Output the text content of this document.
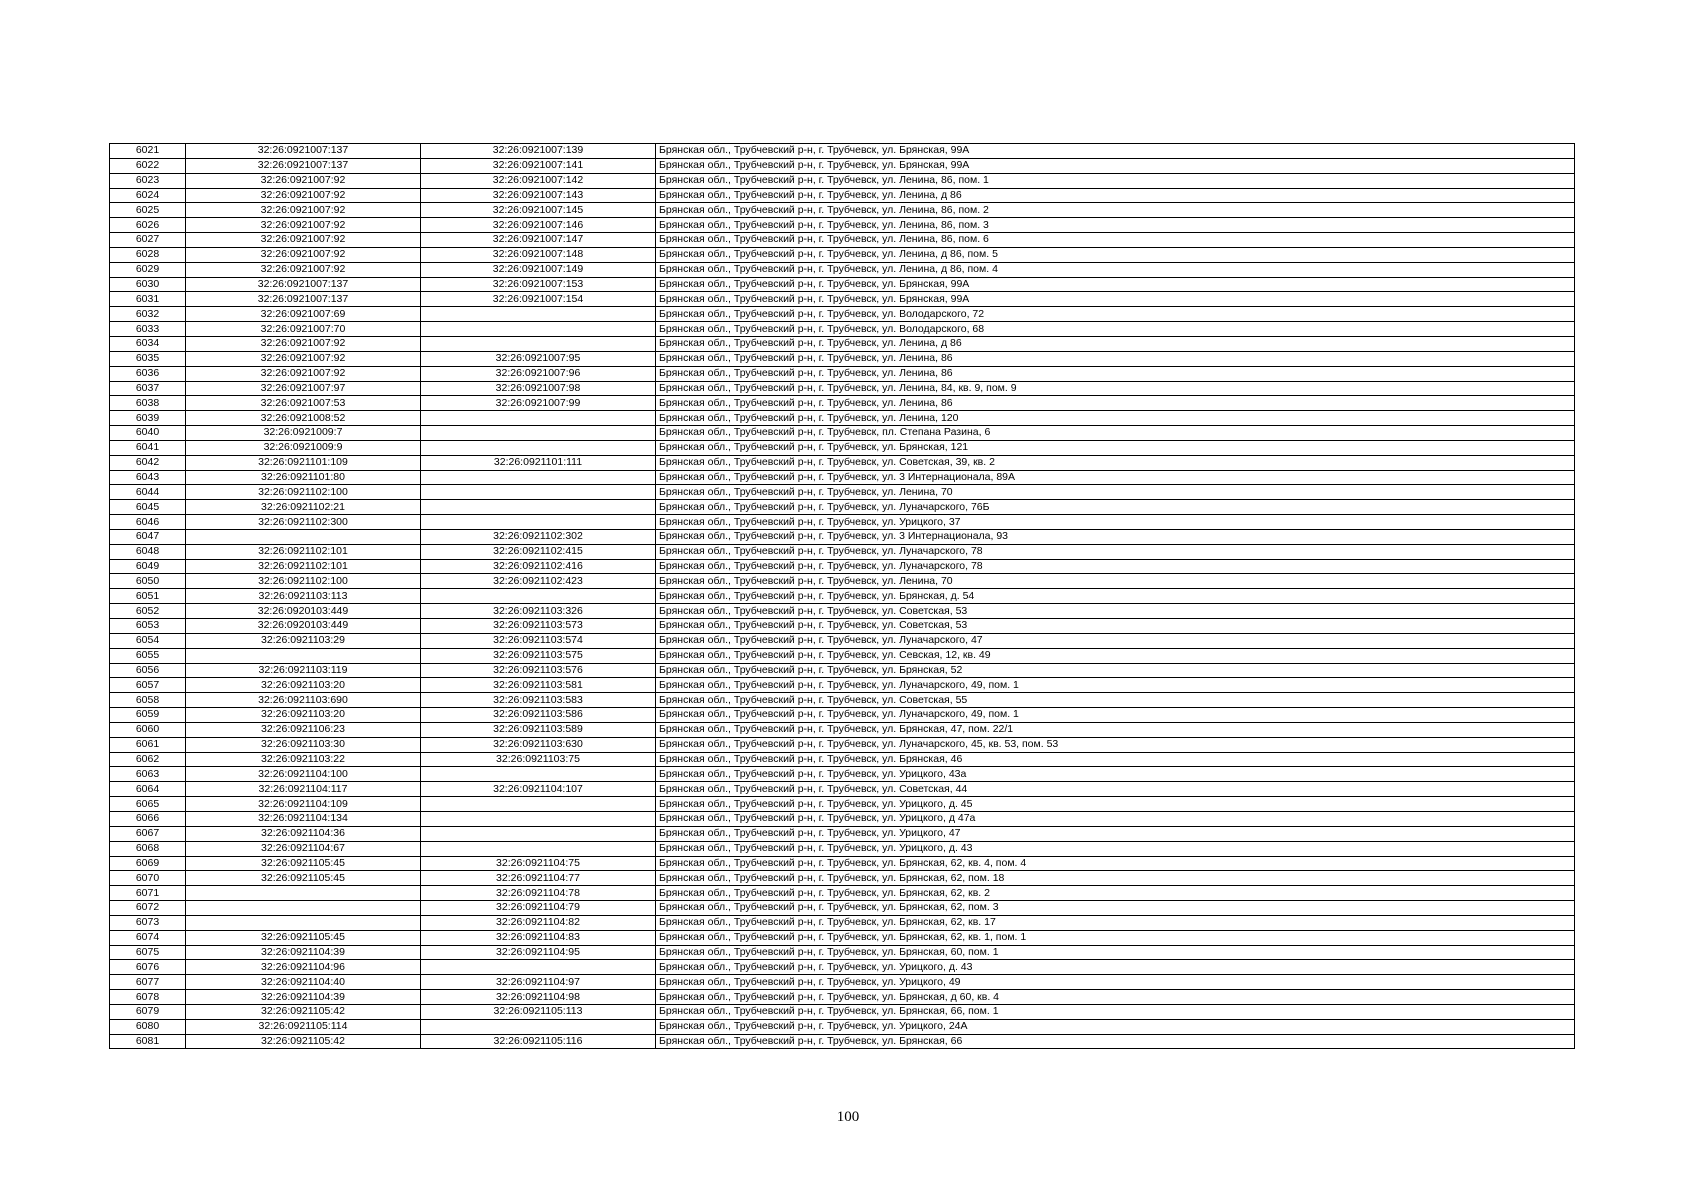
6021	32:26:0921007:137	32:26:0921007:139	Брянская обл., Трубчевский р-н, г. Трубчевск, ул. Брянская, 99А
6022	32:26:0921007:137	32:26:0921007:141	Брянская обл., Трубчевский р-н, г. Трубчевск, ул. Брянская, 99А
6023	32:26:0921007:92	32:26:0921007:142	Брянская обл., Трубчевский р-н, г. Трубчевск, ул. Ленина, 86, пом. 1
6024	32:26:0921007:92	32:26:0921007:143	Брянская обл., Трубчевский р-н, г. Трубчевск, ул. Ленина, д 86
6025	32:26:0921007:92	32:26:0921007:145	Брянская обл., Трубчевский р-н, г. Трубчевск, ул. Ленина, 86, пом. 2
6026	32:26:0921007:92	32:26:0921007:146	Брянская обл., Трубчевский р-н, г. Трубчевск, ул. Ленина, 86, пом. 3
6027	32:26:0921007:92	32:26:0921007:147	Брянская обл., Трубчевский р-н, г. Трубчевск, ул. Ленина, 86, пом. 6
6028	32:26:0921007:92	32:26:0921007:148	Брянская обл., Трубчевский р-н, г. Трубчевск, ул. Ленина, д 86, пом. 5
6029	32:26:0921007:92	32:26:0921007:149	Брянская обл., Трубчевский р-н, г. Трубчевск, ул. Ленина, д 86, пом. 4
6030	32:26:0921007:137	32:26:0921007:153	Брянская обл., Трубчевский р-н, г. Трубчевск, ул. Брянская, 99А
6031	32:26:0921007:137	32:26:0921007:154	Брянская обл., Трубчевский р-н, г. Трубчевск, ул. Брянская, 99А
6032	32:26:0921007:69		Брянская обл., Трубчевский р-н, г. Трубчевск, ул. Володарского, 72
6033	32:26:0921007:70		Брянская обл., Трубчевский р-н, г. Трубчевск, ул. Володарского, 68
6034	32:26:0921007:92		Брянская обл., Трубчевский р-н, г. Трубчевск, ул. Ленина, д 86
6035	32:26:0921007:92	32:26:0921007:95	Брянская обл., Трубчевский р-н, г. Трубчевск, ул. Ленина, 86
6036	32:26:0921007:92	32:26:0921007:96	Брянская обл., Трубчевский р-н, г. Трубчевск, ул. Ленина, 86
6037	32:26:0921007:97	32:26:0921007:98	Брянская обл., Трубчевский р-н, г. Трубчевск, ул. Ленина, 84, кв. 9, пом. 9
6038	32:26:0921007:53	32:26:0921007:99	Брянская обл., Трубчевский р-н, г. Трубчевск, ул. Ленина, 86
6039	32:26:0921008:52		Брянская обл., Трубчевский р-н, г. Трубчевск, ул. Ленина, 120
6040	32:26:0921009:7		Брянская обл., Трубчевский р-н, г. Трубчевск, пл. Степана Разина, 6
6041	32:26:0921009:9		Брянская обл., Трубчевский р-н, г. Трубчевск, ул. Брянская, 121
6042	32:26:0921101:109	32:26:0921101:111	Брянская обл., Трубчевский р-н, г. Трубчевск, ул. Советская, 39, кв. 2
6043	32:26:0921101:80		Брянская обл., Трубчевский р-н, г. Трубчевск, ул. 3 Интернационала, 89А
6044	32:26:0921102:100		Брянская обл., Трубчевский р-н, г. Трубчевск, ул. Ленина, 70
6045	32:26:0921102:21		Брянская обл., Трубчевский р-н, г. Трубчевск, ул. Луначарского, 76Б
6046	32:26:0921102:300		Брянская обл., Трубчевский р-н, г. Трубчевск, ул. Урицкого, 37
6047		32:26:0921102:302	Брянская обл., Трубчевский р-н, г. Трубчевск, ул. 3 Интернационала, 93
6048	32:26:0921102:101	32:26:0921102:415	Брянская обл., Трубчевский р-н, г. Трубчевск, ул. Луначарского, 78
6049	32:26:0921102:101	32:26:0921102:416	Брянская обл., Трубчевский р-н, г. Трубчевск, ул. Луначарского, 78
6050	32:26:0921102:100	32:26:0921102:423	Брянская обл., Трубчевский р-н, г. Трубчевск, ул. Ленина, 70
6051	32:26:0921103:113		Брянская обл., Трубчевский р-н, г. Трубчевск, ул. Брянская, д. 54
6052	32:26:0920103:449	32:26:0921103:326	Брянская обл., Трубчевский р-н, г. Трубчевск, ул. Советская, 53
6053	32:26:0920103:449	32:26:0921103:573	Брянская обл., Трубчевский р-н, г. Трубчевск, ул. Советская, 53
6054	32:26:0921103:29	32:26:0921103:574	Брянская обл., Трубчевский р-н, г. Трубчевск, ул. Луначарского, 47
6055		32:26:0921103:575	Брянская обл., Трубчевский р-н, г. Трубчевск, ул. Севская, 12, кв. 49
6056	32:26:0921103:119	32:26:0921103:576	Брянская обл., Трубчевский р-н, г. Трубчевск, ул. Брянская, 52
6057	32:26:0921103:20	32:26:0921103:581	Брянская обл., Трубчевский р-н, г. Трубчевск, ул. Луначарского, 49, пом. 1
6058	32:26:0921103:690	32:26:0921103:583	Брянская обл., Трубчевский р-н, г. Трубчевск, ул. Советская, 55
6059	32:26:0921103:20	32:26:0921103:586	Брянская обл., Трубчевский р-н, г. Трубчевск, ул. Луначарского, 49, пом. 1
6060	32:26:0921106:23	32:26:0921103:589	Брянская обл., Трубчевский р-н, г. Трубчевск, ул. Брянская, 47, пом. 22/1
6061	32:26:0921103:30	32:26:0921103:630	Брянская обл., Трубчевский р-н, г. Трубчевск, ул. Луначарского, 45, кв. 53, пом. 53
6062	32:26:0921103:22	32:26:0921103:75	Брянская обл., Трубчевский р-н, г. Трубчевск, ул. Брянская, 46
6063	32:26:0921104:100		Брянская обл., Трубчевский р-н, г. Трубчевск, ул. Урицкого, 43а
6064	32:26:0921104:117	32:26:0921104:107	Брянская обл., Трубчевский р-н, г. Трубчевск, ул. Советская, 44
6065	32:26:0921104:109		Брянская обл., Трубчевский р-н, г. Трубчевск, ул. Урицкого, д. 45
6066	32:26:0921104:134		Брянская обл., Трубчевский р-н, г. Трубчевск, ул. Урицкого, д 47а
6067	32:26:0921104:36		Брянская обл., Трубчевский р-н, г. Трубчевск, ул. Урицкого, 47
6068	32:26:0921104:67		Брянская обл., Трубчевский р-н, г. Трубчевск, ул. Урицкого, д. 43
6069	32:26:0921105:45	32:26:0921104:75	Брянская обл., Трубчевский р-н, г. Трубчевск, ул. Брянская, 62, кв. 4, пом. 4
6070	32:26:0921105:45	32:26:0921104:77	Брянская обл., Трубчевский р-н, г. Трубчевск, ул. Брянская, 62, пом. 18
6071		32:26:0921104:78	Брянская обл., Трубчевский р-н, г. Трубчевск, ул. Брянская, 62, кв. 2
6072		32:26:0921104:79	Брянская обл., Трубчевский р-н, г. Трубчевск, ул. Брянская, 62, пом. 3
6073		32:26:0921104:82	Брянская обл., Трубчевский р-н, г. Трубчевск, ул. Брянская, 62, кв. 17
6074	32:26:0921105:45	32:26:0921104:83	Брянская обл., Трубчевский р-н, г. Трубчевск, ул. Брянская, 62, кв. 1, пом. 1
6075	32:26:0921104:39	32:26:0921104:95	Брянская обл., Трубчевский р-н, г. Трубчевск, ул. Брянская, 60, пом. 1
6076	32:26:0921104:96		Брянская обл., Трубчевский р-н, г. Трубчевск, ул. Урицкого, д. 43
6077	32:26:0921104:40	32:26:0921104:97	Брянская обл., Трубчевский р-н, г. Трубчевск, ул. Урицкого, 49
6078	32:26:0921104:39	32:26:0921104:98	Брянская обл., Трубчевский р-н, г. Трубчевск, ул. Брянская, д 60, кв. 4
6079	32:26:0921105:42	32:26:0921105:113	Брянская обл., Трубчевский р-н, г. Трубчевск, ул. Брянская, 66, пом. 1
6080	32:26:0921105:114		Брянская обл., Трубчевский р-н, г. Трубчевск, ул. Урицкого, 24А
6081	32:26:0921105:42	32:26:0921105:116	Брянская обл., Трубчевский р-н, г. Трубчевск, ул. Брянская, 66
100
